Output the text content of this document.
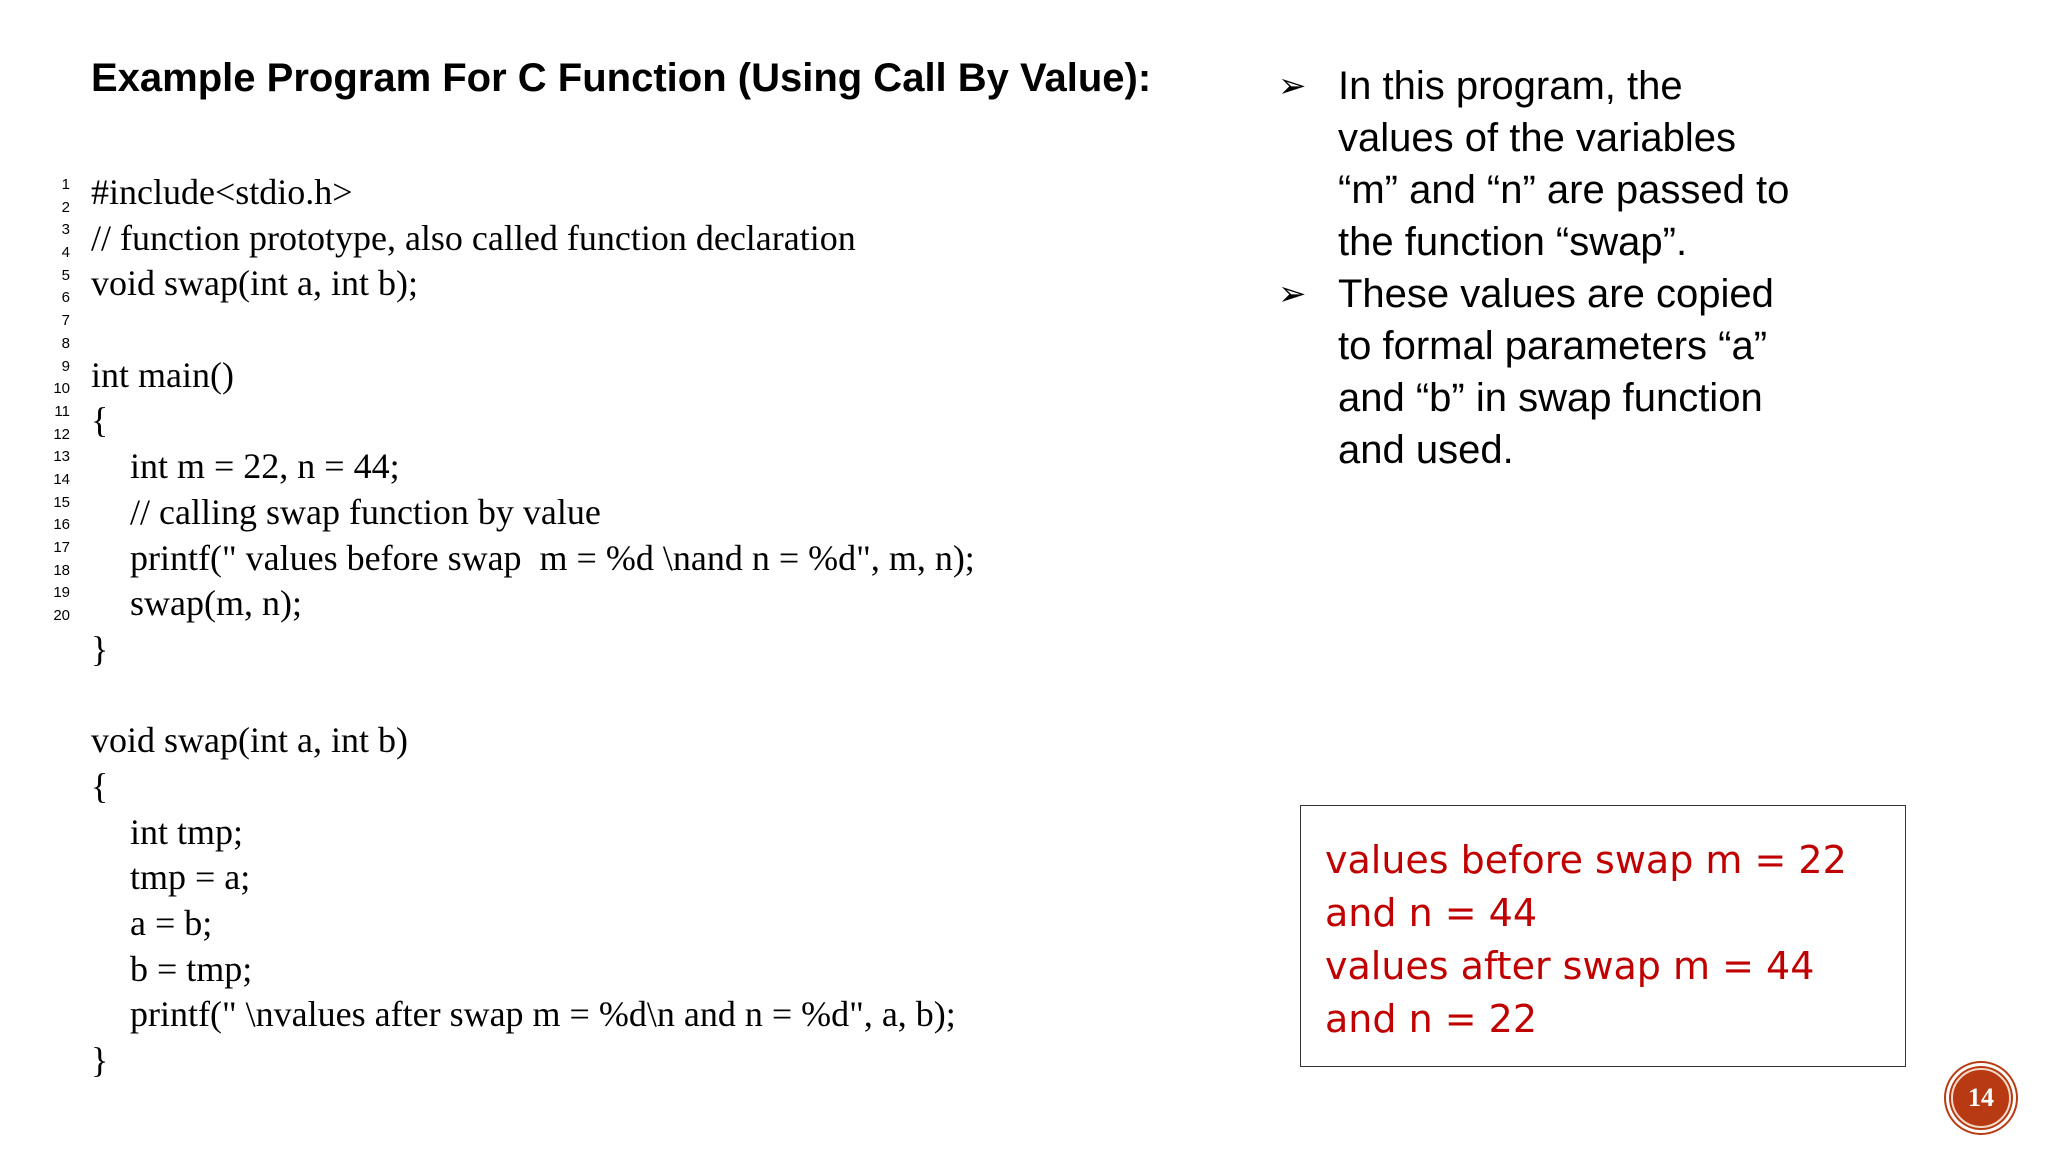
Example Program For C Function (Using Call By Value):
1
2
3
4
5
6
7
8
9
10
11
12
13
14
15
16
17
18
19
20
#include<stdio.h>
// function prototype, also called function declaration
void swap(int a, int b);
int main()
{
int m = 22, n = 44;
// calling swap function by value
printf(" values before swap  m = %d \nand n = %d", m, n);
swap(m, n);
}
void swap(int a, int b)
{
int tmp;
tmp = a;
a = b;
b = tmp;
printf(" \nvalues after swap m = %d\n and n = %d", a, b);
}
➢ In this program, the values of the variables “m” and “n” are passed to the function “swap”.
➢ These values are copied to formal parameters “a” and “b” in swap function and used.
values before swap m = 22
and n = 44
values after swap m = 44
and n = 22
14
